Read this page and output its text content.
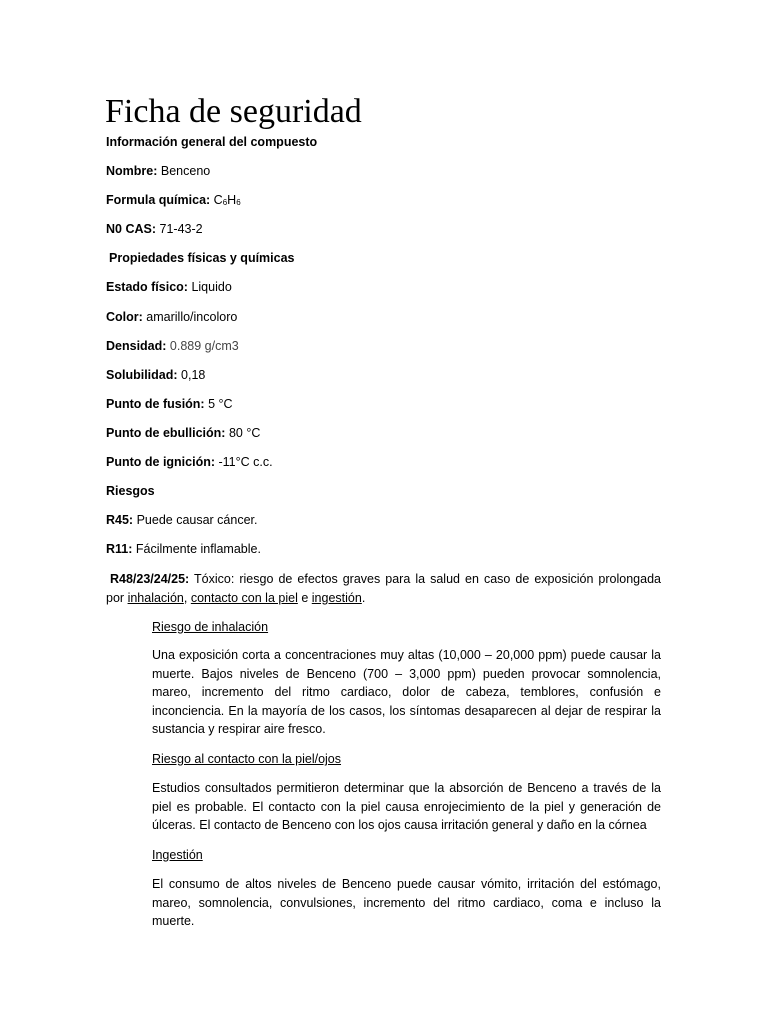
Ficha de seguridad
Información general del compuesto
Nombre: Benceno
Formula química: C6H6
N0 CAS: 71-43-2
Propiedades físicas y químicas
Estado físico: Liquido
Color: amarillo/incoloro
Densidad: 0.889 g/cm3
Solubilidad: 0,18
Punto de fusión: 5 °C
Punto de ebullición: 80 °C
Punto de ignición: -11°C c.c.
Riesgos
R45: Puede causar cáncer.
R11: Fácilmente inflamable.

R48/23/24/25: Tóxico: riesgo de efectos graves para la salud en caso de exposición prolongada por inhalación, contacto con la piel e ingestión.

Riesgo de inhalación

Una exposición corta a concentraciones muy altas (10,000 – 20,000 ppm) puede causar la muerte. Bajos niveles de Benceno (700 – 3,000 ppm) pueden provocar somnolencia, mareo, incremento del ritmo cardiaco, dolor de cabeza, temblores, confusión e inconciencia. En la mayoría de los casos, los síntomas desaparecen al dejar de respirar la sustancia y respirar aire fresco.

Riesgo al contacto con la piel/ojos

Estudios consultados permitieron determinar que la absorción de Benceno a través de la piel es probable. El contacto con la piel causa enrojecimiento de la piel y generación de úlceras. El contacto de Benceno con los ojos causa irritación general y daño en la córnea

Ingestión

El consumo de altos niveles de Benceno puede causar vómito, irritación del estómago, mareo, somnolencia, convulsiones, incremento del ritmo cardiaco, coma e incluso la muerte.
